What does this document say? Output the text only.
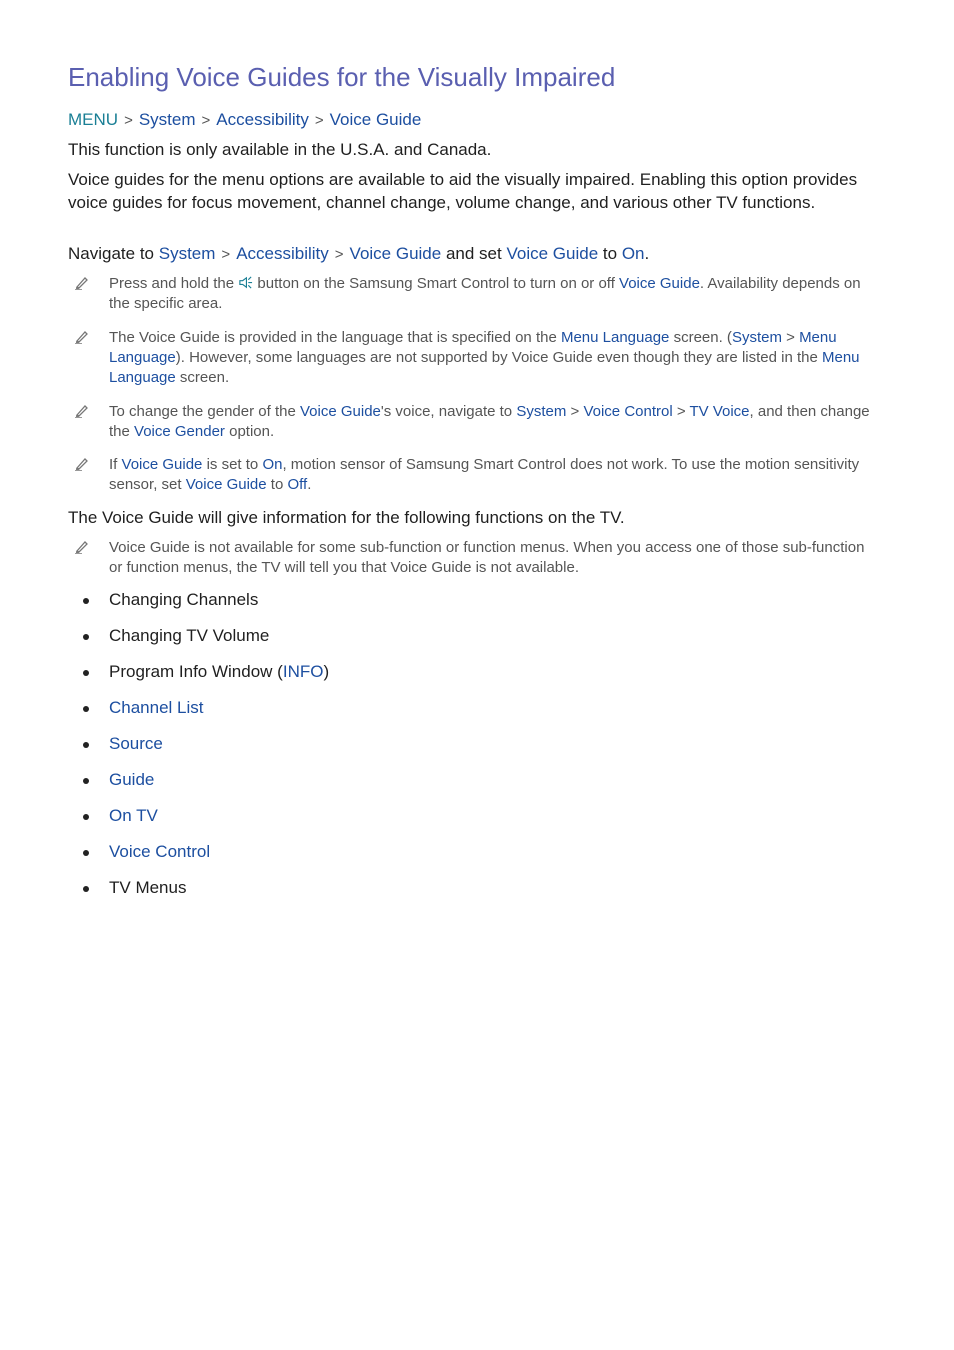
Enabling Voice Guides for the Visually Impaired
MENU > System > Accessibility > Voice Guide

This function is only available in the U.S.A. and Canada.

Voice guides for the menu options are available to aid the visually impaired. Enabling this option provides voice guides for focus movement, channel change, volume change, and various other TV functions.

Navigate to System > Accessibility > Voice Guide and set Voice Guide to On.

Press and hold the  button on the Samsung Smart Control to turn on or off Voice Guide. Availability depends on the specific area.
The Voice Guide is provided in the language that is specified on the Menu Language screen. (System > Menu Language). However, some languages are not supported by Voice Guide even though they are listed in the Menu Language screen.
To change the gender of the Voice Guide's voice, navigate to System > Voice Control > TV Voice, and then change the Voice Gender option.
If Voice Guide is set to On, motion sensor of Samsung Smart Control does not work. To use the motion sensitivity sensor, set Voice Guide to Off.

The Voice Guide will give information for the following functions on the TV.

Voice Guide is not available for some sub-function or function menus. When you access one of those sub-function or function menus, the TV will tell you that Voice Guide is not available.
Changing Channels
Changing TV Volume
Program Info Window (INFO)
Channel List
Source
Guide
On TV
Voice Control
TV Menus
